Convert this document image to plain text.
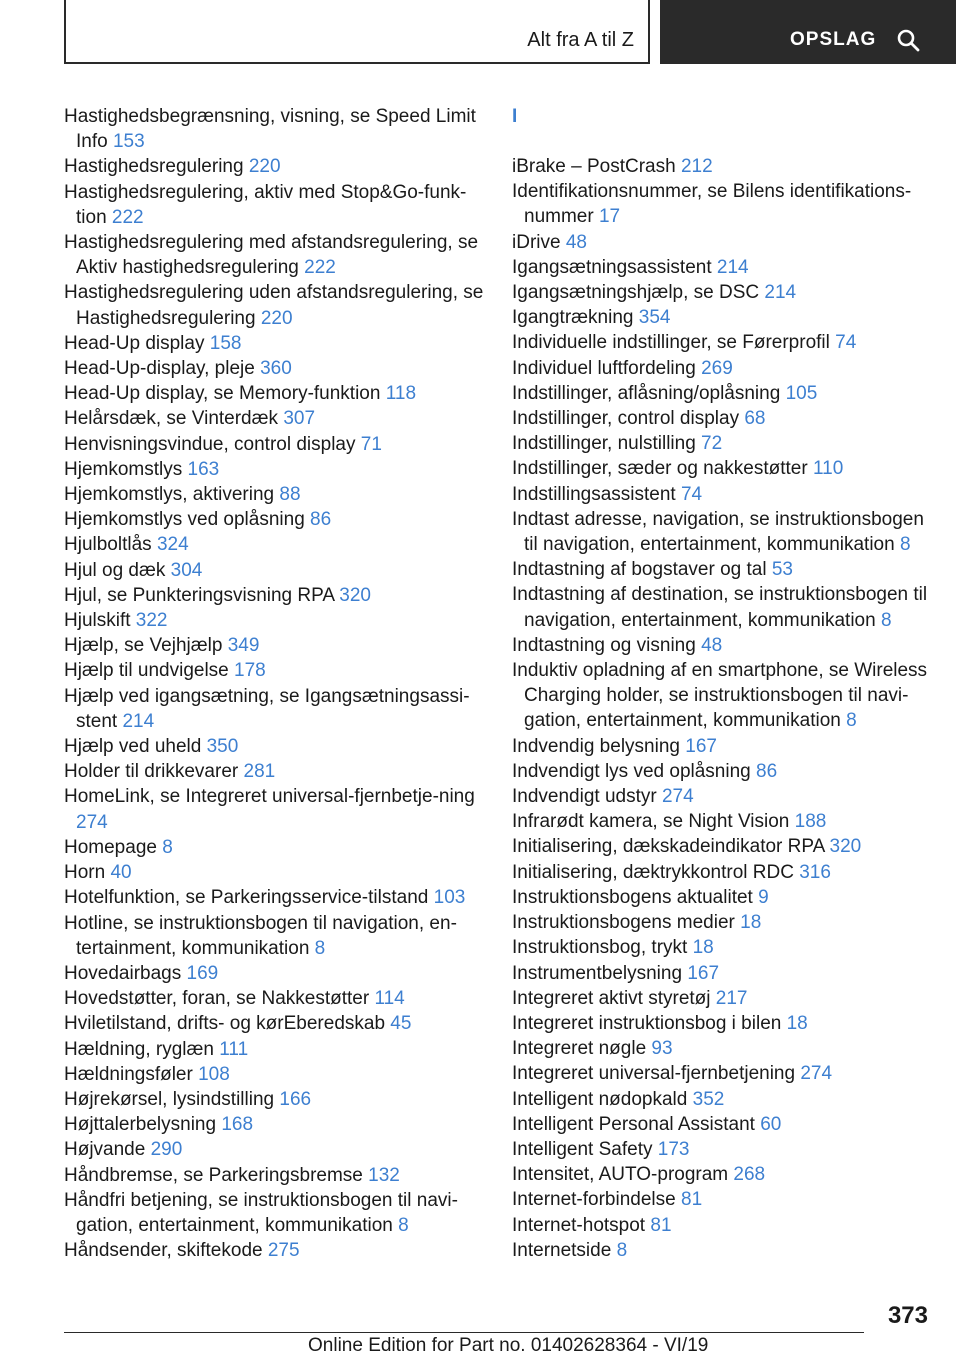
Alt fra A til Z	OPSLAG
Hastighedsbegrænsning, visning, se Speed Limit Info 153
Hastighedsregulering 220
Hastighedsregulering, aktiv med Stop&Go-funk-tion 222
Hastighedsregulering med afstandsregulering, se Aktiv hastighedsregulering 222
Hastighedsregulering uden afstandsregulering, se Hastighedsregulering 220
Head-Up display 158
Head-Up-display, pleje 360
Head-Up display, se Memory-funktion 118
Helårsdæk, se Vinterdæk 307
Henvisningsvindue, control display 71
Hjemkomstlys 163
Hjemkomstlys, aktivering 88
Hjemkomstlys ved oplåsning 86
Hjulboltlås 324
Hjul og dæk 304
Hjul, se Punkteringsvisning RPA 320
Hjulskift 322
Hjælp, se Vejhjælp 349
Hjælp til undvigelse 178
Hjælp ved igangsætning, se Igangsætningsassi-stent 214
Hjælp ved uheld 350
Holder til drikkevarer 281
HomeLink, se Integreret universal-fjernbetje-ning 274
Homepage 8
Horn 40
Hotelfunktion, se Parkeringsservice-tilstand 103
Hotline, se instruktionsbogen til navigation, en-tertainment, kommunikation 8
Hovedairbags 169
Hovedstøtter, foran, se Nakkestøtter 114
Hviletilstand, drifts- og kørEberedskab 45
Hældning, ryglæn 111
Hældningsføler 108
Højrekørsel, lysindstilling 166
Højttalerbelysning 168
Højvande 290
Håndbremse, se Parkeringsbremse 132
Håndfri betjening, se instruktionsbogen til navi-gation, entertainment, kommunikation 8
Håndsender, skiftekode 275
I
iBrake – PostCrash 212
Identifikationsnummer, se Bilens identifikations-nummer 17
iDrive 48
Igangsætningsassistent 214
Igangsætningshjælp, se DSC 214
Igangtrækning 354
Individuelle indstillinger, se Førerprofil 74
Individuel luftfordeling 269
Indstillinger, aflåsning/oplåsning 105
Indstillinger, control display 68
Indstillinger, nulstilling 72
Indstillinger, sæder og nakkestøtter 110
Indstillingsassistent 74
Indtast adresse, navigation, se instruktionsbogen til navigation, entertainment, kommunikation 8
Indtastning af bogstaver og tal 53
Indtastning af destination, se instruktionsbogen til navigation, entertainment, kommunikation 8
Indtastning og visning 48
Induktiv opladning af en smartphone, se Wireless Charging holder, se instruktionsbogen til navi-gation, entertainment, kommunikation 8
Indvendig belysning 167
Indvendigt lys ved oplåsning 86
Indvendigt udstyr 274
Infrarødt kamera, se Night Vision 188
Initialisering, dækskadeindikator RPA 320
Initialisering, dæktrykkontrol RDC 316
Instruktionsbogens aktualitet 9
Instruktionsbogens medier 18
Instruktionsbog, trykt 18
Instrumentbelysning 167
Integreret aktivt styretøj 217
Integreret instruktionsbog i bilen 18
Integreret nøgle 93
Integreret universal-fjernbetjening 274
Intelligent nødopkald 352
Intelligent Personal Assistant 60
Intelligent Safety 173
Intensitet, AUTO-program 268
Internet-forbindelse 81
Internet-hotspot 81
Internetside 8
373
Online Edition for Part no. 01402628364 - VI/19
